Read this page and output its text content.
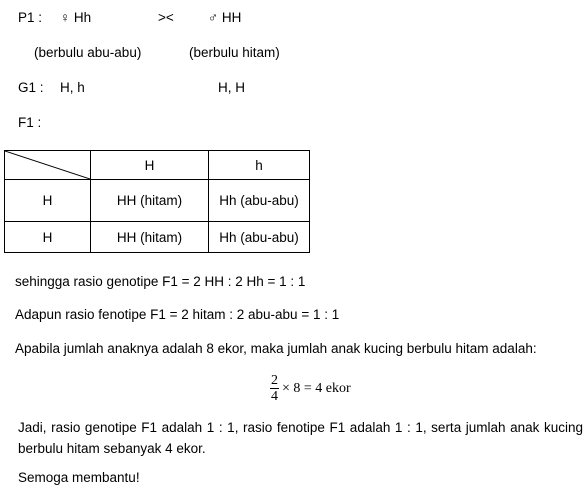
P1 : ♀ Hh	><	♂ HH
(berbulu abu-abu)	(berbulu hitam)
G1 : H, h	H, H
F1 :
	H	h
H	HH (hitam)	Hh (abu-abu)
H	HH (hitam)	Hh (abu-abu)
sehingga rasio genotipe F1 = 2 HH : 2 Hh = 1 : 1
Adapun rasio fenotipe F1 = 2 hitam : 2 abu-abu = 1 : 1
Apabila jumlah anaknya adalah 8 ekor, maka jumlah anak kucing berbulu hitam adalah:
$\frac{2}{4} \times 8 = 4$ ekor
Jadi, rasio genotipe F1 adalah 1 : 1, rasio fenotipe F1 adalah 1 : 1, serta jumlah anak kucing berbulu hitam sebanyak 4 ekor.
Semoga membantu!
